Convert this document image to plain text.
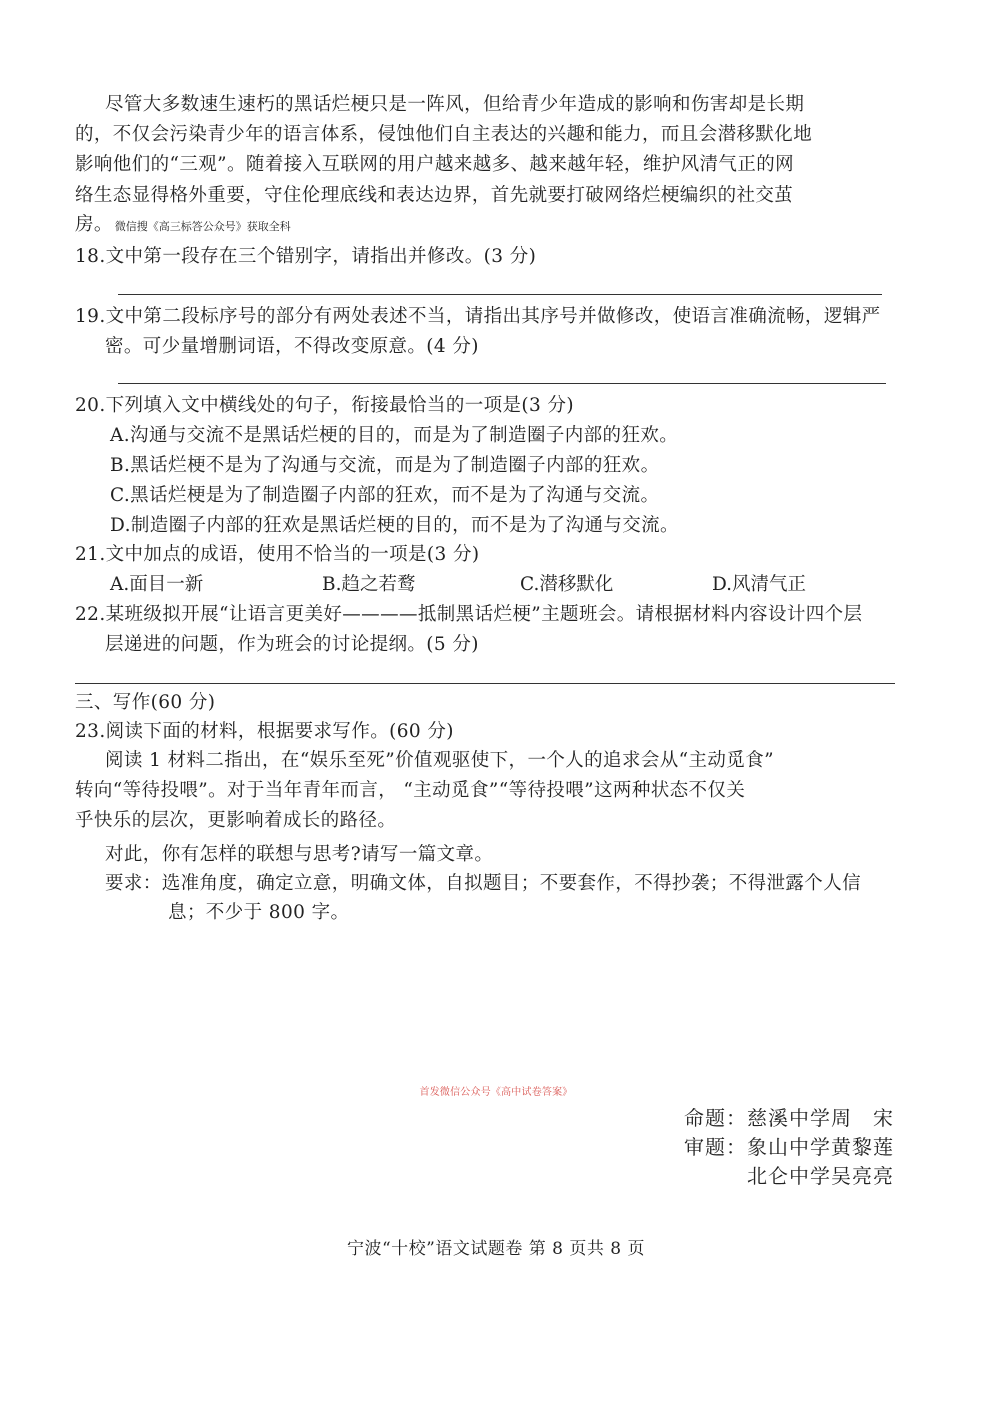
尽管大多数速生速朽的黑话烂梗只是一阵风，但给青少年造成的影响和伤害却是长期
的，不仅会污染青少年的语言体系，侵蚀他们自主表达的兴趣和能力，而且会潜移默化地
影响他们的“三观”。随着接入互联网的用户越来越多、越来越年轻，维护风清气正的网
络生态显得格外重要，守住伦理底线和表达边界，首先就要打破网络烂梗编织的社交茧
房。 微信搜《高三标答公众号》获取全科
18.文中第一段存在三个错别字，请指出并修改。(3 分)
19.文中第二段标序号的部分有两处表述不当，请指出其序号并做修改，使语言准确流畅，逻辑严
密。可少量增删词语，不得改变原意。(4 分)
20.下列填入文中横线处的句子，衔接最恰当的一项是(3 分)
A.沟通与交流不是黑话烂梗的目的，而是为了制造圈子内部的狂欢。
B.黑话烂梗不是为了沟通与交流，而是为了制造圈子内部的狂欢。
C.黑话烂梗是为了制造圈子内部的狂欢，而不是为了沟通与交流。
D.制造圈子内部的狂欢是黑话烂梗的目的，而不是为了沟通与交流。
21.文中加点的成语，使用不恰当的一项是(3 分)
A.面目一新	B.趋之若鹜	C.潜移默化	D.风清气正
22.某班级拟开展“让语言更美好————抵制黑话烂梗”主题班会。请根据材料内容设计四个层
层递进的问题，作为班会的讨论提纲。(5 分)
三、写作(60 分)
23.阅读下面的材料，根据要求写作。(60 分)
阅读 1 材料二指出，在“娱乐至死”价值观驱使下，一个人的追求会从“主动觅食”
转向“等待投喂”。对于当年青年而言， “主动觅食”“等待投喂”这两种状态不仅关
乎快乐的层次，更影响着成长的路径。
对此，你有怎样的联想与思考?请写一篇文章。
要求：选准角度，确定立意，明确文体，自拟题目；不要套作，不得抄袭；不得泄露个人信
息；不少于 800 字。
首发微信公众号《高中试卷答案》
命题：慈溪中学周　宋
审题：象山中学黄黎莲
北仑中学吴亮亮
宁波“十校”语文试题卷 第 8 页共 8 页
